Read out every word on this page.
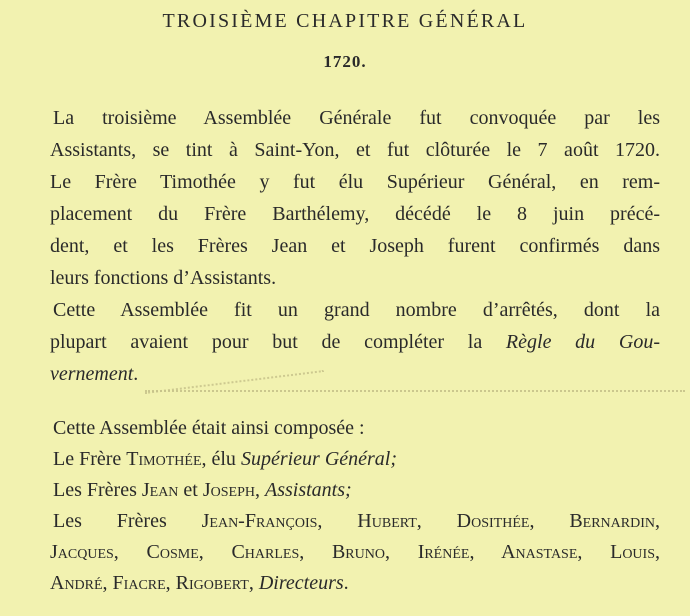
TROISIÈME CHAPITRE GÉNÉRAL
1720.
La troisième Assemblée Générale fut convoquée par les
Assistants, se tint à Saint-Yon, et fut clôturée le 7 août 1720.
Le Frère Timothée y fut élu Supérieur Général, en rem-
placement du Frère Barthélemy, décédé le 8 juin précé-
dent, et les Frères Jean et Joseph furent confirmés dans
leurs fonctions d’Assistants.
Cette Assemblée fit un grand nombre d’arrêtés, dont la
plupart avaient pour but de compléter la Règle du Gou-
vernement.
Cette Assemblée était ainsi composée :
Le Frère Timothée, élu Supérieur Général;
Les Frères Jean et Joseph, Assistants;
Les Frères Jean-François, Hubert, Dosithée, Bernardin,
Jacques, Cosme, Charles, Bruno, Irénée, Anastase, Louis,
André, Fiacre, Rigobert, Directeurs.
